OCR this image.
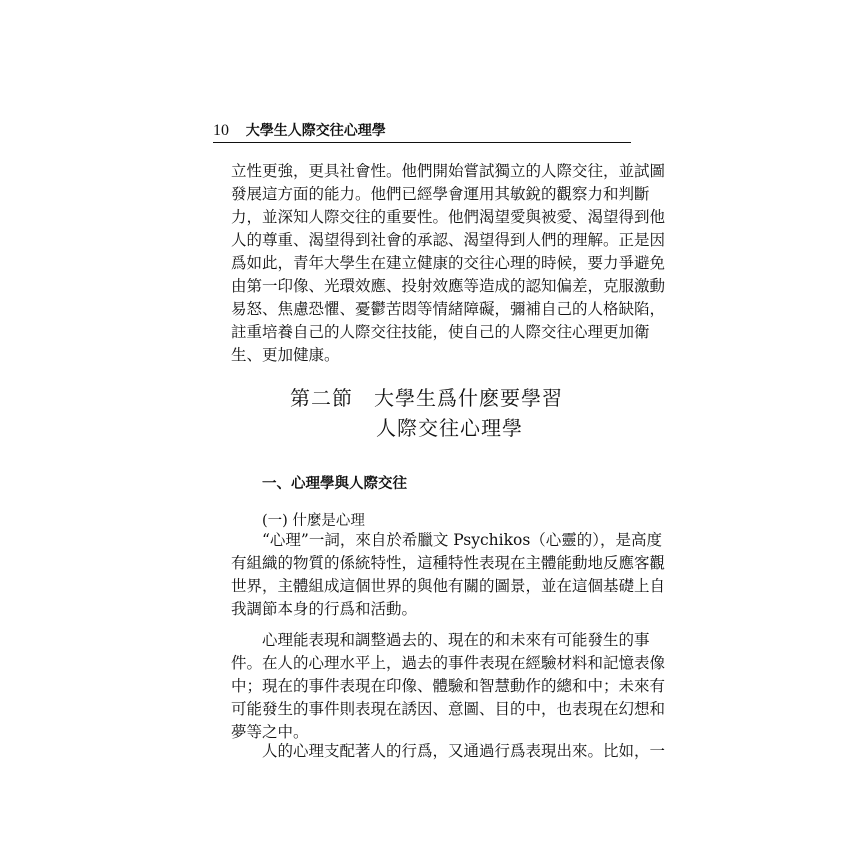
10 大學生人際交往心理學
立性更強，更具社會性。他們開始嘗試獨立的人際交往，並試圖
發展這方面的能力。他們已經學會運用其敏銳的觀察力和判斷
力，並深知人際交往的重要性。他們渴望愛與被愛、渴望得到他
人的尊重、渴望得到社會的承認、渴望得到人們的理解。正是因
爲如此，青年大學生在建立健康的交往心理的時候，要力爭避免
由第一印像、光環效應、投射效應等造成的認知偏差，克服激動
易怒、焦慮恐懼、憂鬱苦悶等情緒障礙，彌補自己的人格缺陷，
註重培養自己的人際交往技能，使自己的人際交往心理更加衛
生、更加健康。
第二節　大學生爲什麽要學習
人際交往心理學
一、心理學與人際交往
(一) 什麼是心理
“心理”一詞，來自於希臘文 Psychikos（心靈的），是高度
有組織的物質的係統特性，這種特性表現在主體能動地反應客觀
世界，主體組成這個世界的與他有關的圖景，並在這個基礎上自
我調節本身的行爲和活動。
心理能表現和調整過去的、現在的和未來有可能發生的事
件。在人的心理水平上，過去的事件表現在經驗材料和記憶表像
中；現在的事件表現在印像、體驗和智慧動作的總和中；未來有
可能發生的事件則表現在誘因、意圖、目的中，也表現在幻想和
夢等之中。
人的心理支配著人的行爲，又通過行爲表現出來。比如，一
